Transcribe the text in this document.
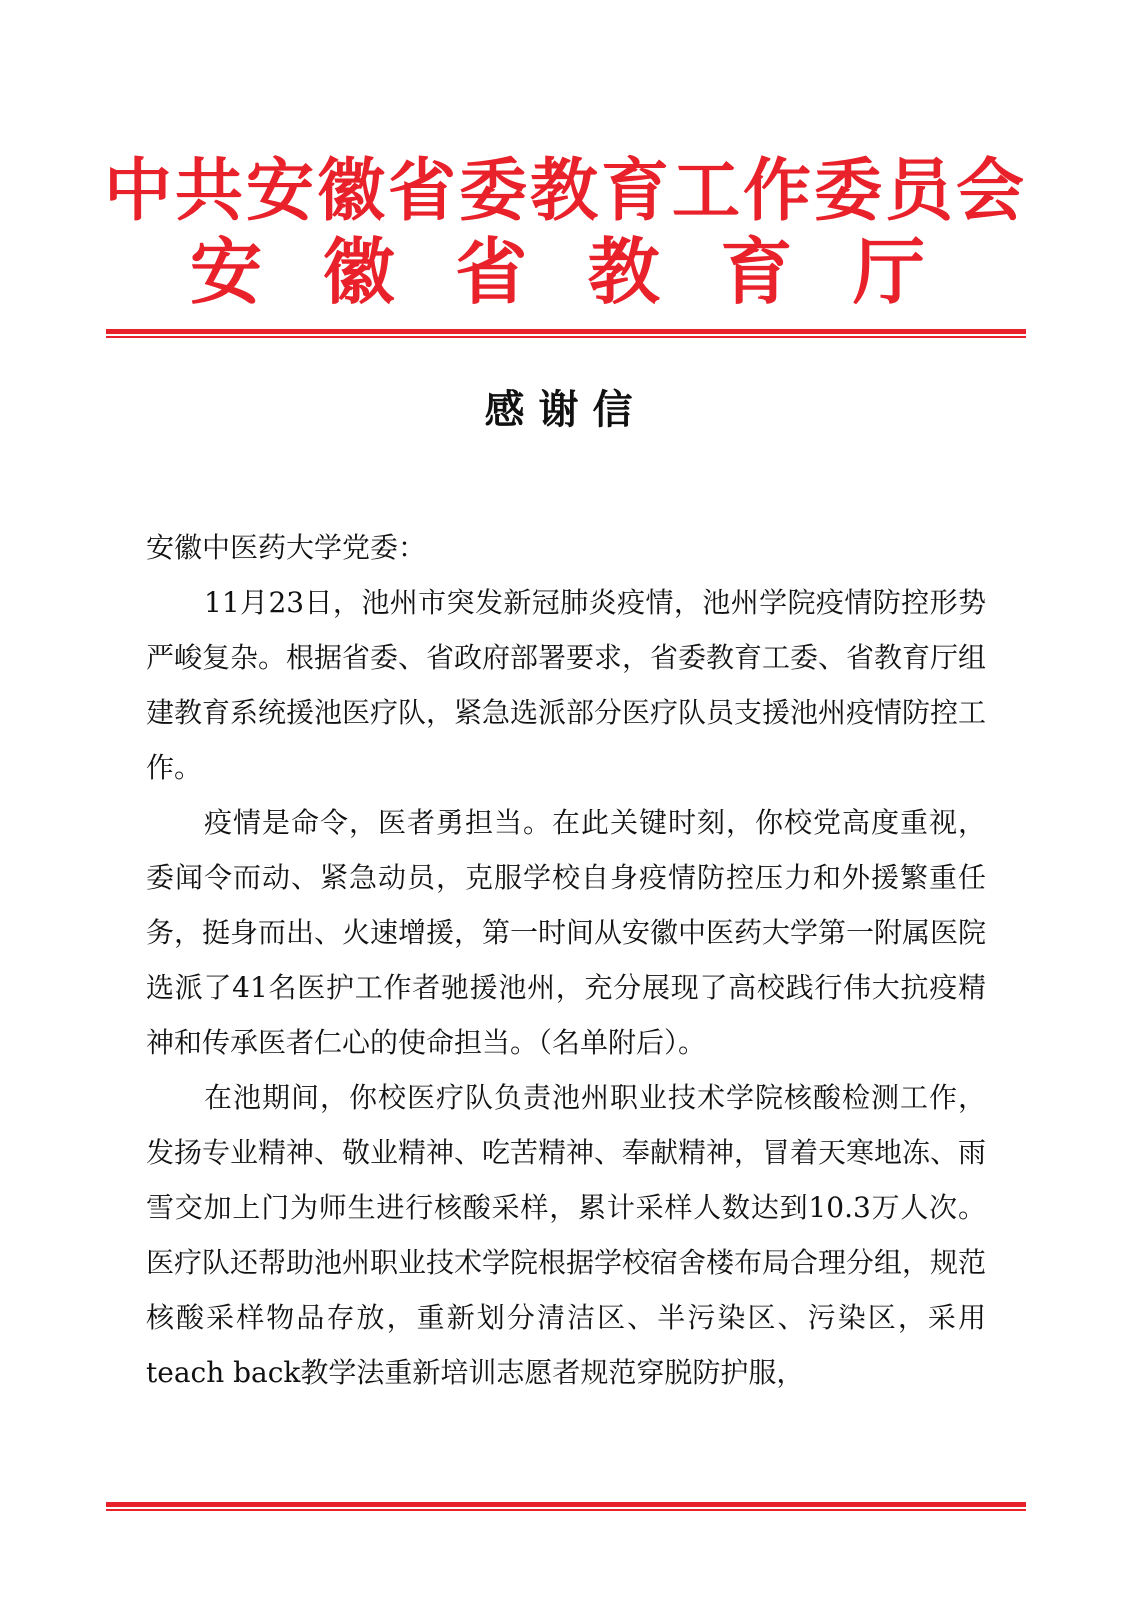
中共安徽省委教育工作委员会
安 徽 省 教 育 厅
感谢信

安徽中医药大学党委：

11月23日，池州市突发新冠肺炎疫情，池州学院疫情防控形势严峻复杂。根据省委、省政府部署要求，省委教育工委、省教育厅组建教育系统援池医疗队，紧急选派部分医疗队员支援池州疫情防控工作。

疫情是命令，医者勇担当。在此关键时刻，你校党高度重视，委闻令而动、紧急动员，克服学校自身疫情防控压力和外援繁重任务，挺身而出、火速增援，第一时间从安徽中医药大学第一附属医院选派了41名医护工作者驰援池州，充分展现了高校践行伟大抗疫精神和传承医者仁心的使命担当。（名单附后）。

在池期间，你校医疗队负责池州职业技术学院核酸检测工作，发扬专业精神、敬业精神、吃苦精神、奉献精神，冒着天寒地冻、雨雪交加上门为师生进行核酸采样，累计采样人数达到10.3万人次。医疗队还帮助池州职业技术学院根据学校宿舍楼布局合理分组，规范核酸采样物品存放，重新划分清洁区、半污染区、污染区，采用teach back教学法重新培训志愿者规范穿脱防护服，
